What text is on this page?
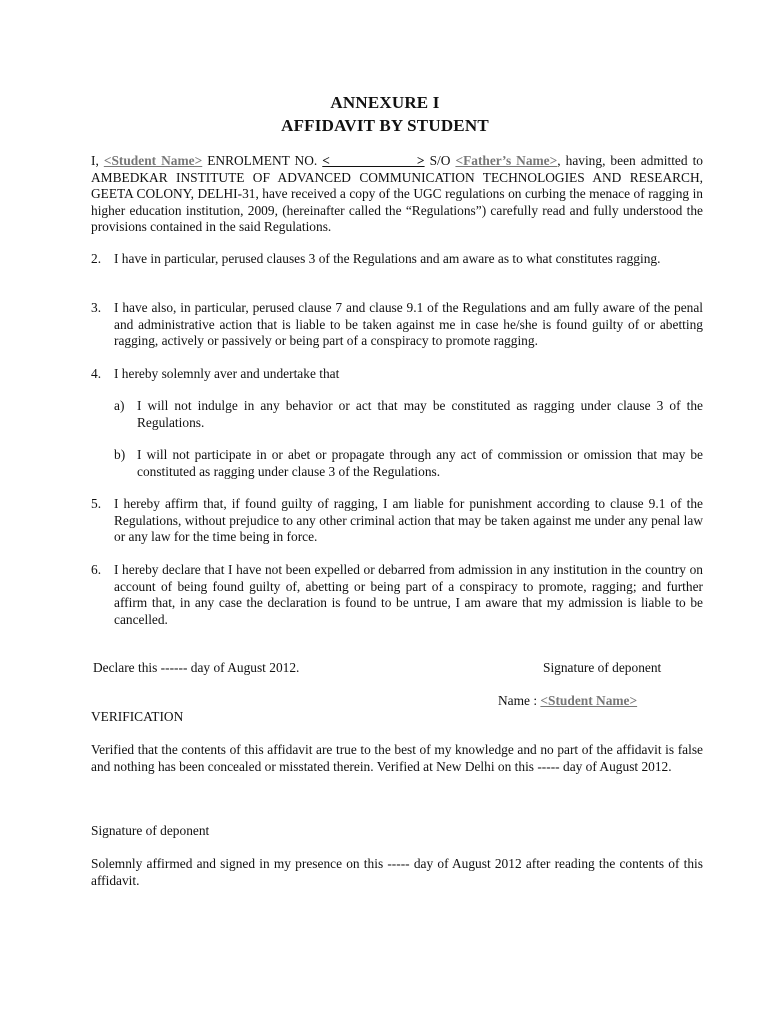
ANNEXURE I
AFFIDAVIT BY STUDENT
I, <Student Name> ENROLMENT NO. <_____________> S/O <Father’s Name>, having, been admitted to AMBEDKAR INSTITUTE OF ADVANCED COMMUNICATION TECHNOLOGIES AND RESEARCH, GEETA COLONY, DELHI-31, have received a copy of the UGC regulations on curbing the menace of ragging in higher education institution, 2009, (hereinafter called the “Regulations”) carefully read and fully understood the provisions contained in the said Regulations.
2. I have in particular, perused clauses 3 of the Regulations and am aware as to what constitutes ragging.
3. I have also, in particular, perused clause 7 and clause 9.1 of the Regulations and am fully aware of the penal and administrative action that is liable to be taken against me in case he/she is found guilty of or abetting ragging, actively or passively or being part of a conspiracy to promote ragging.
4. I hereby solemnly aver and undertake that
a) I will not indulge in any behavior or act that may be constituted as ragging under clause 3 of the Regulations.
b) I will not participate in or abet or propagate through any act of commission or omission that may be constituted as ragging under clause 3 of the Regulations.
5. I hereby affirm that, if found guilty of ragging, I am liable for punishment according to clause 9.1 of the Regulations, without prejudice to any other criminal action that may be taken against me under any penal law or any law for the time being in force.
6. I hereby declare that I have not been expelled or debarred from admission in any institution in the country on account of being found guilty of, abetting or being part of a conspiracy to promote, ragging; and further affirm that, in any case the declaration is found to be untrue, I am aware that my admission is liable to be cancelled.
Declare this ------ day of August 2012.	Signature of deponent
Name : <Student Name>
VERIFICATION
Verified that the contents of this affidavit are true to the best of my knowledge and no part of the affidavit is false and nothing has been concealed or misstated therein. Verified at New Delhi on this ----- day of August 2012.
Signature of deponent
Solemnly affirmed and signed in my presence on this ----- day of August 2012 after reading the contents of this affidavit.
